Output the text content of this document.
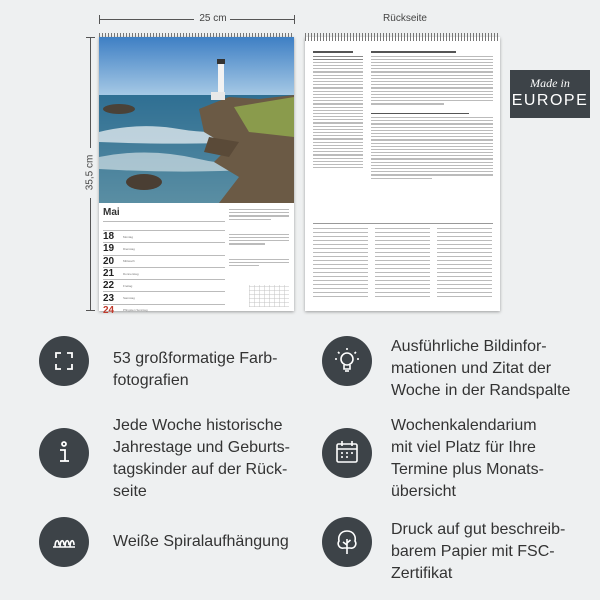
25 cm
35,5 cm
Rückseite
Mai
18	Montag
19	Dienstag
20	Mittwoch
21	Donnerstag
22	Freitag
23	Samstag
24	Pfingsten Sonntag
Made in
EUROPE
53 großformatige Farb-
fotografien
Ausführliche Bildinfor-
mationen und Zitat der
Woche in der Randspalte
Jede Woche historische
Jahrestage und Geburts-
tagskinder auf der Rück-
seite
Wochenkalendarium
mit viel Platz für Ihre
Termine plus Monats-
übersicht
Weiße Spiralaufhängung
Druck auf gut beschreib-
barem Papier mit FSC-
Zertifikat
